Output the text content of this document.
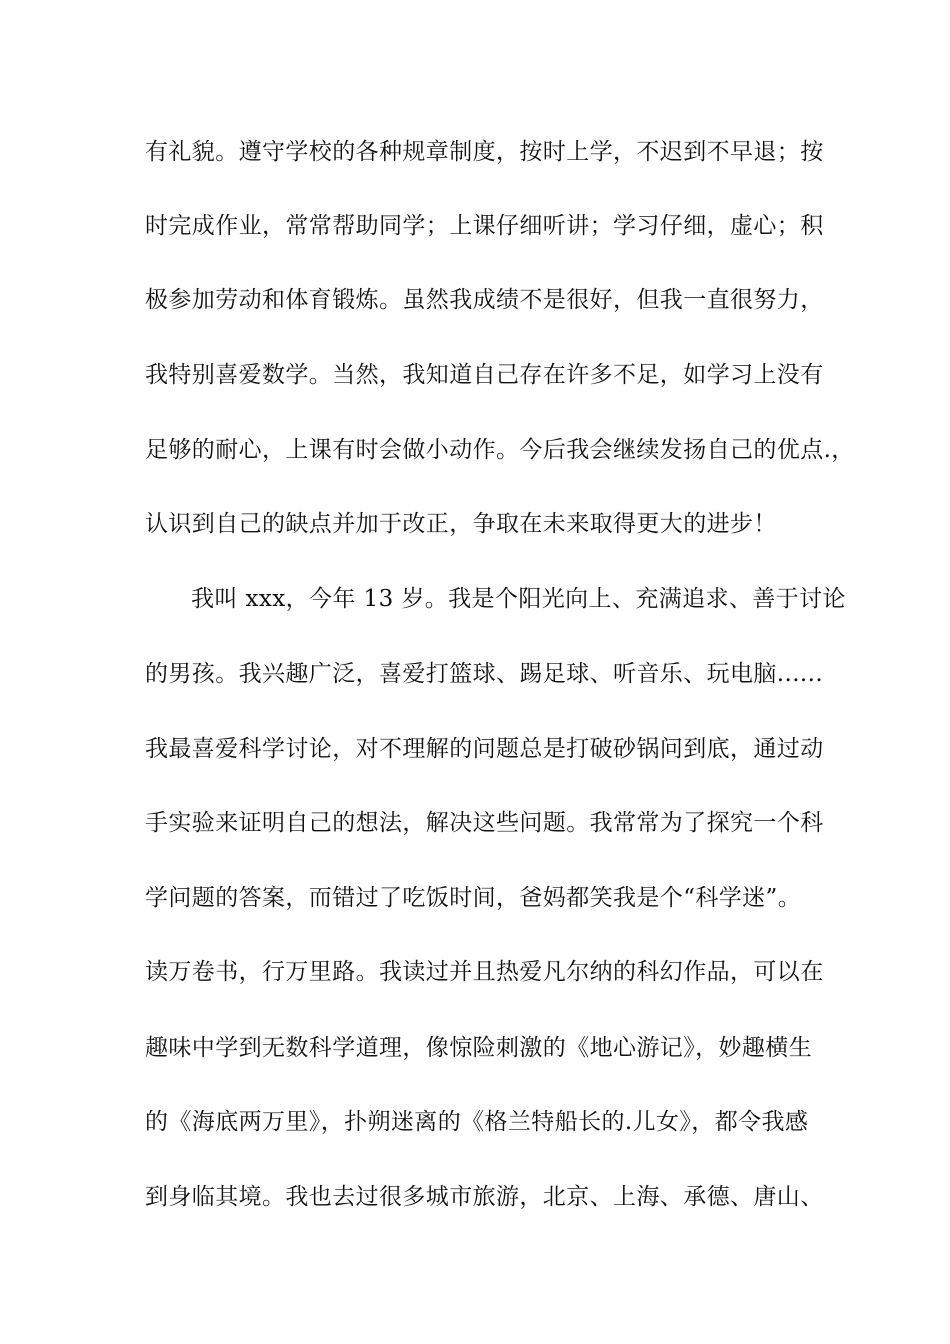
有礼貌。遵守学校的各种规章制度，按时上学，不迟到不早退；按
时完成作业，常常帮助同学；上课仔细听讲；学习仔细，虚心；积
极参加劳动和体育锻炼。虽然我成绩不是很好，但我一直很努力，
我特别喜爱数学。当然，我知道自己存在许多不足，如学习上没有
足够的耐心，上课有时会做小动作。今后我会继续发扬自己的优点.，
认识到自己的缺点并加于改正，争取在未来取得更大的进步！
我叫 xxx，今年 13 岁。我是个阳光向上、充满追求、善于讨论
的男孩。我兴趣广泛，喜爱打篮球、踢足球、听音乐、玩电脑......
我最喜爱科学讨论，对不理解的问题总是打破砂锅问到底，通过动
手实验来证明自己的想法，解决这些问题。我常常为了探究一个科
学问题的答案，而错过了吃饭时间，爸妈都笑我是个“科学迷”。
读万卷书，行万里路。我读过并且热爱凡尔纳的科幻作品，可以在
趣味中学到无数科学道理，像惊险刺激的《地心游记》，妙趣横生
的《海底两万里》，扑朔迷离的《格兰特船长的.儿女》，都令我感
到身临其境。我也去过很多城市旅游，北京、上海、承德、唐山、
